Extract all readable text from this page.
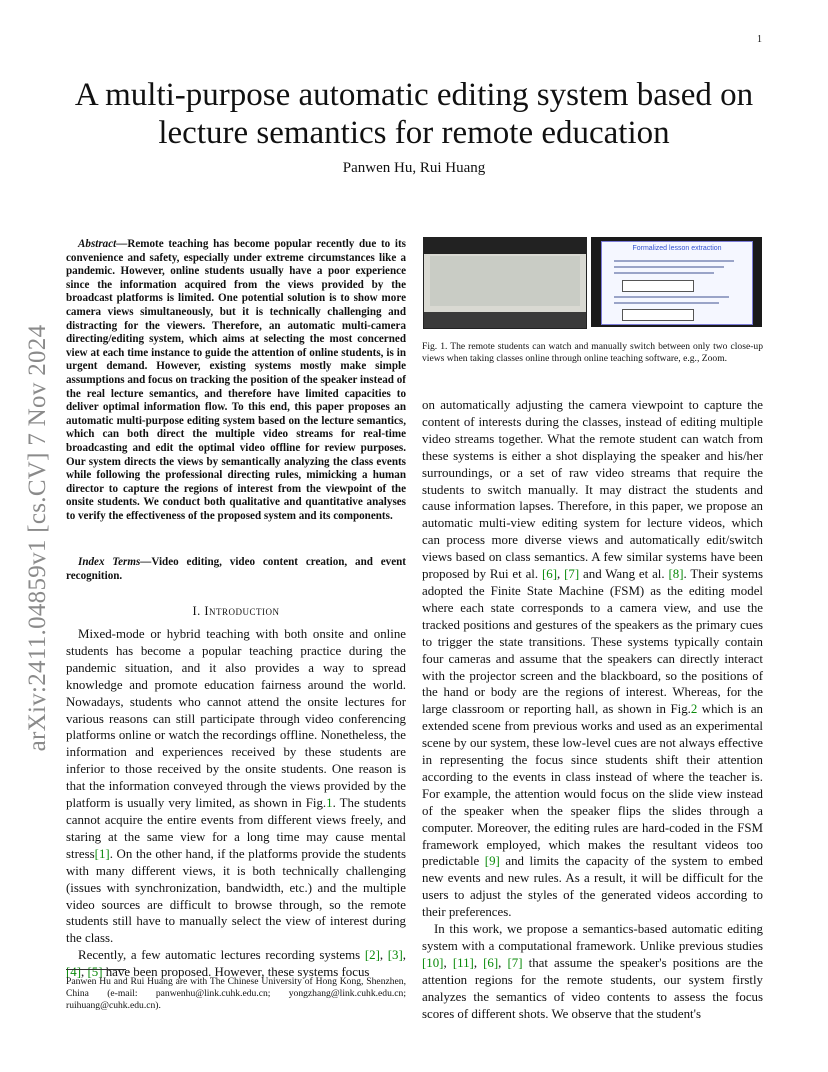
1
arXiv:2411.04859v1 [cs.CV] 7 Nov 2024
A multi-purpose automatic editing system based on lecture semantics for remote education
Panwen Hu, Rui Huang
Abstract—Remote teaching has become popular recently due to its convenience and safety, especially under extreme circumstances like a pandemic. However, online students usually have a poor experience since the information acquired from the views provided by the broadcast platforms is limited. One potential solution is to show more camera views simultaneously, but it is technically challenging and distracting for the viewers. Therefore, an automatic multi-camera directing/editing system, which aims at selecting the most concerned view at each time instance to guide the attention of online students, is in urgent demand. However, existing systems mostly make simple assumptions and focus on tracking the position of the speaker instead of the real lecture semantics, and therefore have limited capacities to deliver optimal information flow. To this end, this paper proposes an automatic multi-purpose editing system based on the lecture semantics, which can both direct the multiple video streams for real-time broadcasting and edit the optimal video offline for review purposes. Our system directs the views by semantically analyzing the class events while following the professional directing rules, mimicking a human director to capture the regions of interest from the viewpoint of the onsite students. We conduct both qualitative and quantitative analyses to verify the effectiveness of the proposed system and its components.
Index Terms—Video editing, video content creation, and event recognition.
I. Introduction

Mixed-mode or hybrid teaching with both onsite and online students has become a popular teaching practice during the pandemic situation, and it also provides a way to spread knowledge and promote education fairness around the world. Nowadays, students who cannot attend the onsite lectures for various reasons can still participate through video conferencing platforms online or watch the recordings offline. Nonetheless, the information and experiences received by these students are inferior to those received by the onsite students. One reason is that the information conveyed through the views provided by the platform is usually very limited, as shown in Fig.1. The students cannot acquire the entire events from different views freely, and staring at the same view for a long time may cause mental stress[1]. On the other hand, if the platforms provide the students with many different views, it is both technically challenging (issues with synchronization, bandwidth, etc.) and the multiple video sources are difficult to browse through, so the remote students still have to manually select the view of interest during the class.

Recently, a few automatic lectures recording systems [2], [3], [4], [5] have been proposed. However, these systems focus

Panwen Hu and Rui Huang are with The Chinese University of Hong Kong, Shenzhen, China (e-mail: panwenhu@link.cuhk.edu.cn; yongzhang@link.cuhk.edu.cn; ruihuang@cuhk.edu.cn).
Formalized lesson extraction
Fig. 1. The remote students can watch and manually switch between only two close-up views when taking classes online through online teaching software, e.g., Zoom.

on automatically adjusting the camera viewpoint to capture the content of interests during the classes, instead of editing multiple video streams together. What the remote student can watch from these systems is either a shot displaying the speaker and his/her surroundings, or a set of raw video streams that require the students to switch manually. It may distract the students and cause information lapses. Therefore, in this paper, we propose an automatic multi-view editing system for lecture videos, which can process more diverse views and automatically edit/switch views based on class semantics. A few similar systems have been proposed by Rui et al. [6], [7] and Wang et al. [8]. Their systems adopted the Finite State Machine (FSM) as the editing model where each state corresponds to a camera view, and use the tracked positions and gestures of the speakers as the primary cues to trigger the state transitions. These systems typically contain four cameras and assume that the speakers can directly interact with the projector screen and the blackboard, so the positions of the hand or body are the regions of interest. Whereas, for the large classroom or reporting hall, as shown in Fig.2 which is an extended scene from previous works and used as an experimental scene by our system, these low-level cues are not always effective in representing the focus since students shift their attention according to the events in class instead of where the teacher is. For example, the attention would focus on the slide view instead of the speaker when the speaker flips the slides through a computer. Moreover, the editing rules are hard-coded in the FSM framework employed, which makes the resultant videos too predictable [9] and limits the capacity of the system to embed new events and new rules. As a result, it will be difficult for the users to adjust the styles of the generated videos according to their preferences.

In this work, we propose a semantics-based automatic editing system with a computational framework. Unlike previous studies [10], [11], [6], [7] that assume the speaker's positions are the attention regions for the remote students, our system firstly analyzes the semantics of video contents to assess the focus scores of different shots. We observe that the student's
